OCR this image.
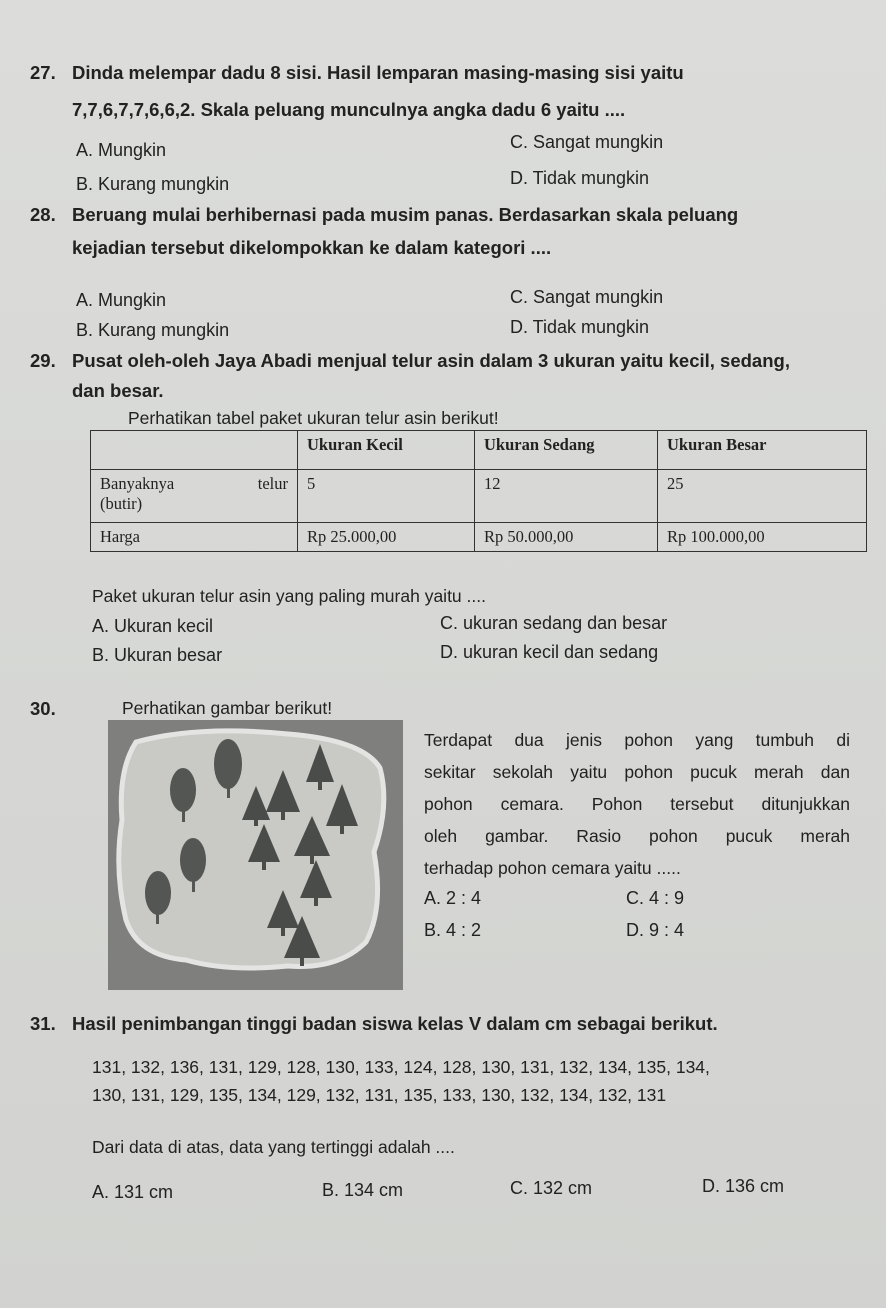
27. Dinda melempar dadu 8 sisi. Hasil lemparan masing-masing sisi yaitu
7,7,6,7,7,6,6,2. Skala peluang munculnya angka dadu 6 yaitu ....
A. Mungkin	C. Sangat mungkin
B. Kurang mungkin	D. Tidak mungkin
28. Beruang mulai berhibernasi pada musim panas. Berdasarkan skala peluang
kejadian tersebut dikelompokkan ke dalam kategori ....
A. Mungkin	C. Sangat mungkin
B. Kurang mungkin	D. Tidak mungkin
29. Pusat oleh-oleh Jaya Abadi menjual telur asin dalam 3 ukuran yaitu kecil, sedang,
dan besar.
Perhatikan tabel paket ukuran telur asin berikut!
	Ukuran Kecil	Ukuran Sedang	Ukuran Besar

Banyaknya telur
(butir)	5	12	25
Harga	Rp 25.000,00	Rp 50.000,00	Rp 100.000,00
Paket ukuran telur asin yang paling murah yaitu ....
A. Ukuran kecil	C. ukuran sedang dan besar
B. Ukuran besar	D. ukuran kecil dan sedang
30.	Perhatikan gambar berikut!
Terdapat dua jenis pohon yang tumbuh di
sekitar sekolah yaitu pohon pucuk merah dan
pohon cemara. Pohon tersebut ditunjukkan
oleh gambar. Rasio pohon pucuk merah
terhadap pohon cemara yaitu .....
A. 2 : 4	C. 4 : 9
B. 4 : 2	D. 9 : 4
31. Hasil penimbangan tinggi badan siswa kelas V dalam cm sebagai berikut.
131, 132, 136, 131, 129, 128, 130, 133, 124, 128, 130, 131, 132, 134, 135, 134,
130, 131, 129, 135, 134, 129, 132, 131, 135, 133, 130, 132, 134, 132, 131
Dari data di atas, data yang tertinggi adalah ....
A. 131 cm	B. 134 cm	C. 132 cm	D. 136 cm
